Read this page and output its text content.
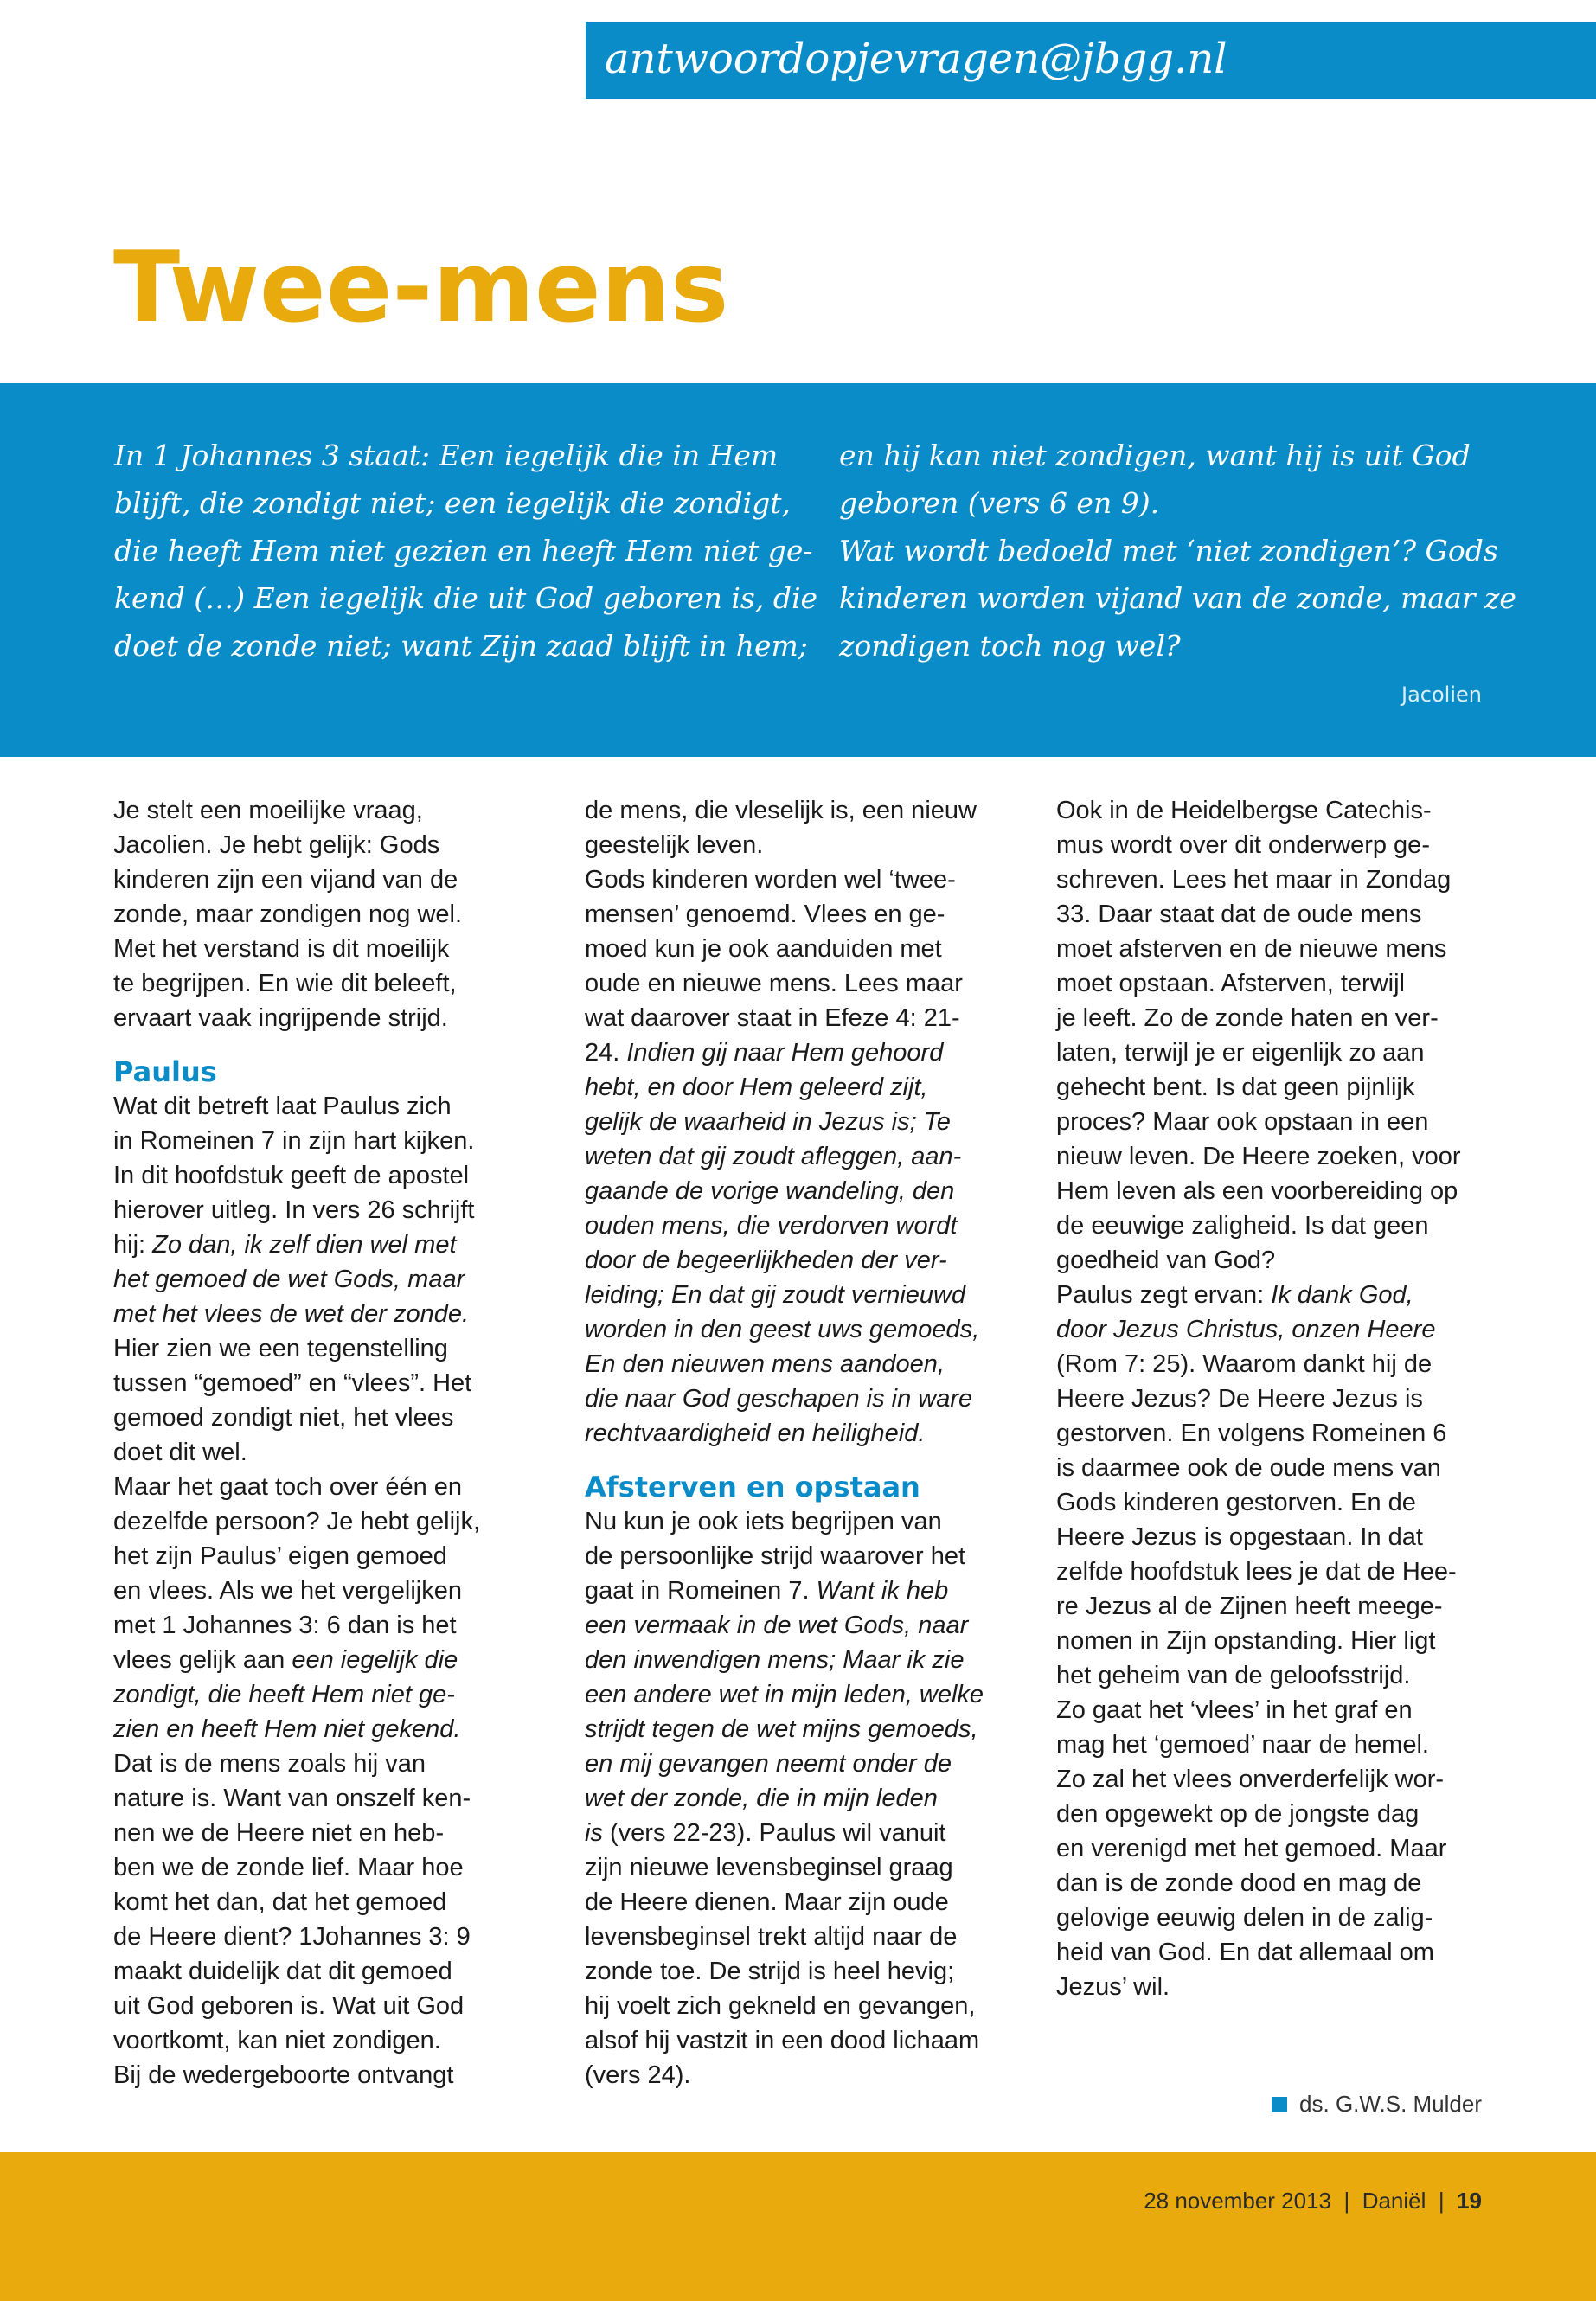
antwoordopjevragen@jbgg.nl
Twee-mens
In 1 Johannes 3 staat: Een iegelijk die in Hem
blijft, die zondigt niet; een iegelijk die zondigt,
die heeft Hem niet gezien en heeft Hem niet ge-
kend (…) Een iegelijk die uit God geboren is, die
doet de zonde niet; want Zijn zaad blijft in hem;
en hij kan niet zondigen, want hij is uit God
geboren (vers 6 en 9).
Wat wordt bedoeld met ‘niet zondigen’? Gods
kinderen worden vijand van de zonde, maar ze
zondigen toch nog wel?
Jacolien
Je stelt een moeilijke vraag,
Jacolien. Je hebt gelijk: Gods
kinderen zijn een vijand van de
zonde, maar zondigen nog wel.
Met het verstand is dit moeilijk
te begrijpen. En wie dit beleeft,
ervaart vaak ingrijpende strijd.
Paulus
Wat dit betreft laat Paulus zich
in Romeinen 7 in zijn hart kijken.
In dit hoofdstuk geeft de apostel
hierover uitleg. In vers 26 schrijft
hij: Zo dan, ik zelf dien wel met
het gemoed de wet Gods, maar
met het vlees de wet der zonde.
Hier zien we een tegenstelling
tussen “gemoed” en “vlees”. Het
gemoed zondigt niet, het vlees
doet dit wel.
Maar het gaat toch over één en
dezelfde persoon? Je hebt gelijk,
het zijn Paulus’ eigen gemoed
en vlees. Als we het vergelijken
met 1 Johannes 3: 6 dan is het
vlees gelijk aan een iegelijk die
zondigt, die heeft Hem niet ge-
zien en heeft Hem niet gekend.
Dat is de mens zoals hij van
nature is. Want van onszelf ken-
nen we de Heere niet en heb-
ben we de zonde lief. Maar hoe
komt het dan, dat het gemoed
de Heere dient? 1Johannes 3: 9
maakt duidelijk dat dit gemoed
uit God geboren is. Wat uit God
voortkomt, kan niet zondigen.
Bij de wedergeboorte ontvangt
de mens, die vleselijk is, een nieuw
geestelijk leven.
Gods kinderen worden wel ‘twee-
mensen’ genoemd. Vlees en ge-
moed kun je ook aanduiden met
oude en nieuwe mens. Lees maar
wat daarover staat in Efeze 4: 21-
24. Indien gij naar Hem gehoord
hebt, en door Hem geleerd zijt,
gelijk de waarheid in Jezus is; Te
weten dat gij zoudt afleggen, aan-
gaande de vorige wandeling, den
ouden mens, die verdorven wordt
door de begeerlijkheden der ver-
leiding; En dat gij zoudt vernieuwd
worden in den geest uws gemoeds,
En den nieuwen mens aandoen,
die naar God geschapen is in ware
rechtvaardigheid en heiligheid.
Afsterven en opstaan
Nu kun je ook iets begrijpen van
de persoonlijke strijd waarover het
gaat in Romeinen 7. Want ik heb
een vermaak in de wet Gods, naar
den inwendigen mens; Maar ik zie
een andere wet in mijn leden, welke
strijdt tegen de wet mijns gemoeds,
en mij gevangen neemt onder de
wet der zonde, die in mijn leden
is (vers 22-23). Paulus wil vanuit
zijn nieuwe levensbeginsel graag
de Heere dienen. Maar zijn oude
levensbeginsel trekt altijd naar de
zonde toe. De strijd is heel hevig;
hij voelt zich gekneld en gevangen,
alsof hij vastzit in een dood lichaam
(vers 24).
Ook in de Heidelbergse Catechis-
mus wordt over dit onderwerp ge-
schreven. Lees het maar in Zondag
33. Daar staat dat de oude mens
moet afsterven en de nieuwe mens
moet opstaan. Afsterven, terwijl
je leeft. Zo de zonde haten en ver-
laten, terwijl je er eigenlijk zo aan
gehecht bent. Is dat geen pijnlijk
proces? Maar ook opstaan in een
nieuw leven. De Heere zoeken, voor
Hem leven als een voorbereiding op
de eeuwige zaligheid. Is dat geen
goedheid van God?
Paulus zegt ervan: Ik dank God,
door Jezus Christus, onzen Heere
(Rom 7: 25). Waarom dankt hij de
Heere Jezus? De Heere Jezus is
gestorven. En volgens Romeinen 6
is daarmee ook de oude mens van
Gods kinderen gestorven. En de
Heere Jezus is opgestaan. In dat
zelfde hoofdstuk lees je dat de Hee-
re Jezus al de Zijnen heeft meege-
nomen in Zijn opstanding. Hier ligt
het geheim van de geloofsstrijd.
Zo gaat het ‘vlees’ in het graf en
mag het ‘gemoed’ naar de hemel.
Zo zal het vlees onverderfelijk wor-
den opgewekt op de jongste dag
en verenigd met het gemoed. Maar
dan is de zonde dood en mag de
gelovige eeuwig delen in de zalig-
heid van God. En dat allemaal om
Jezus’ wil.
ds. G.W.S. Mulder
28 november 2013 | Daniël | 19
